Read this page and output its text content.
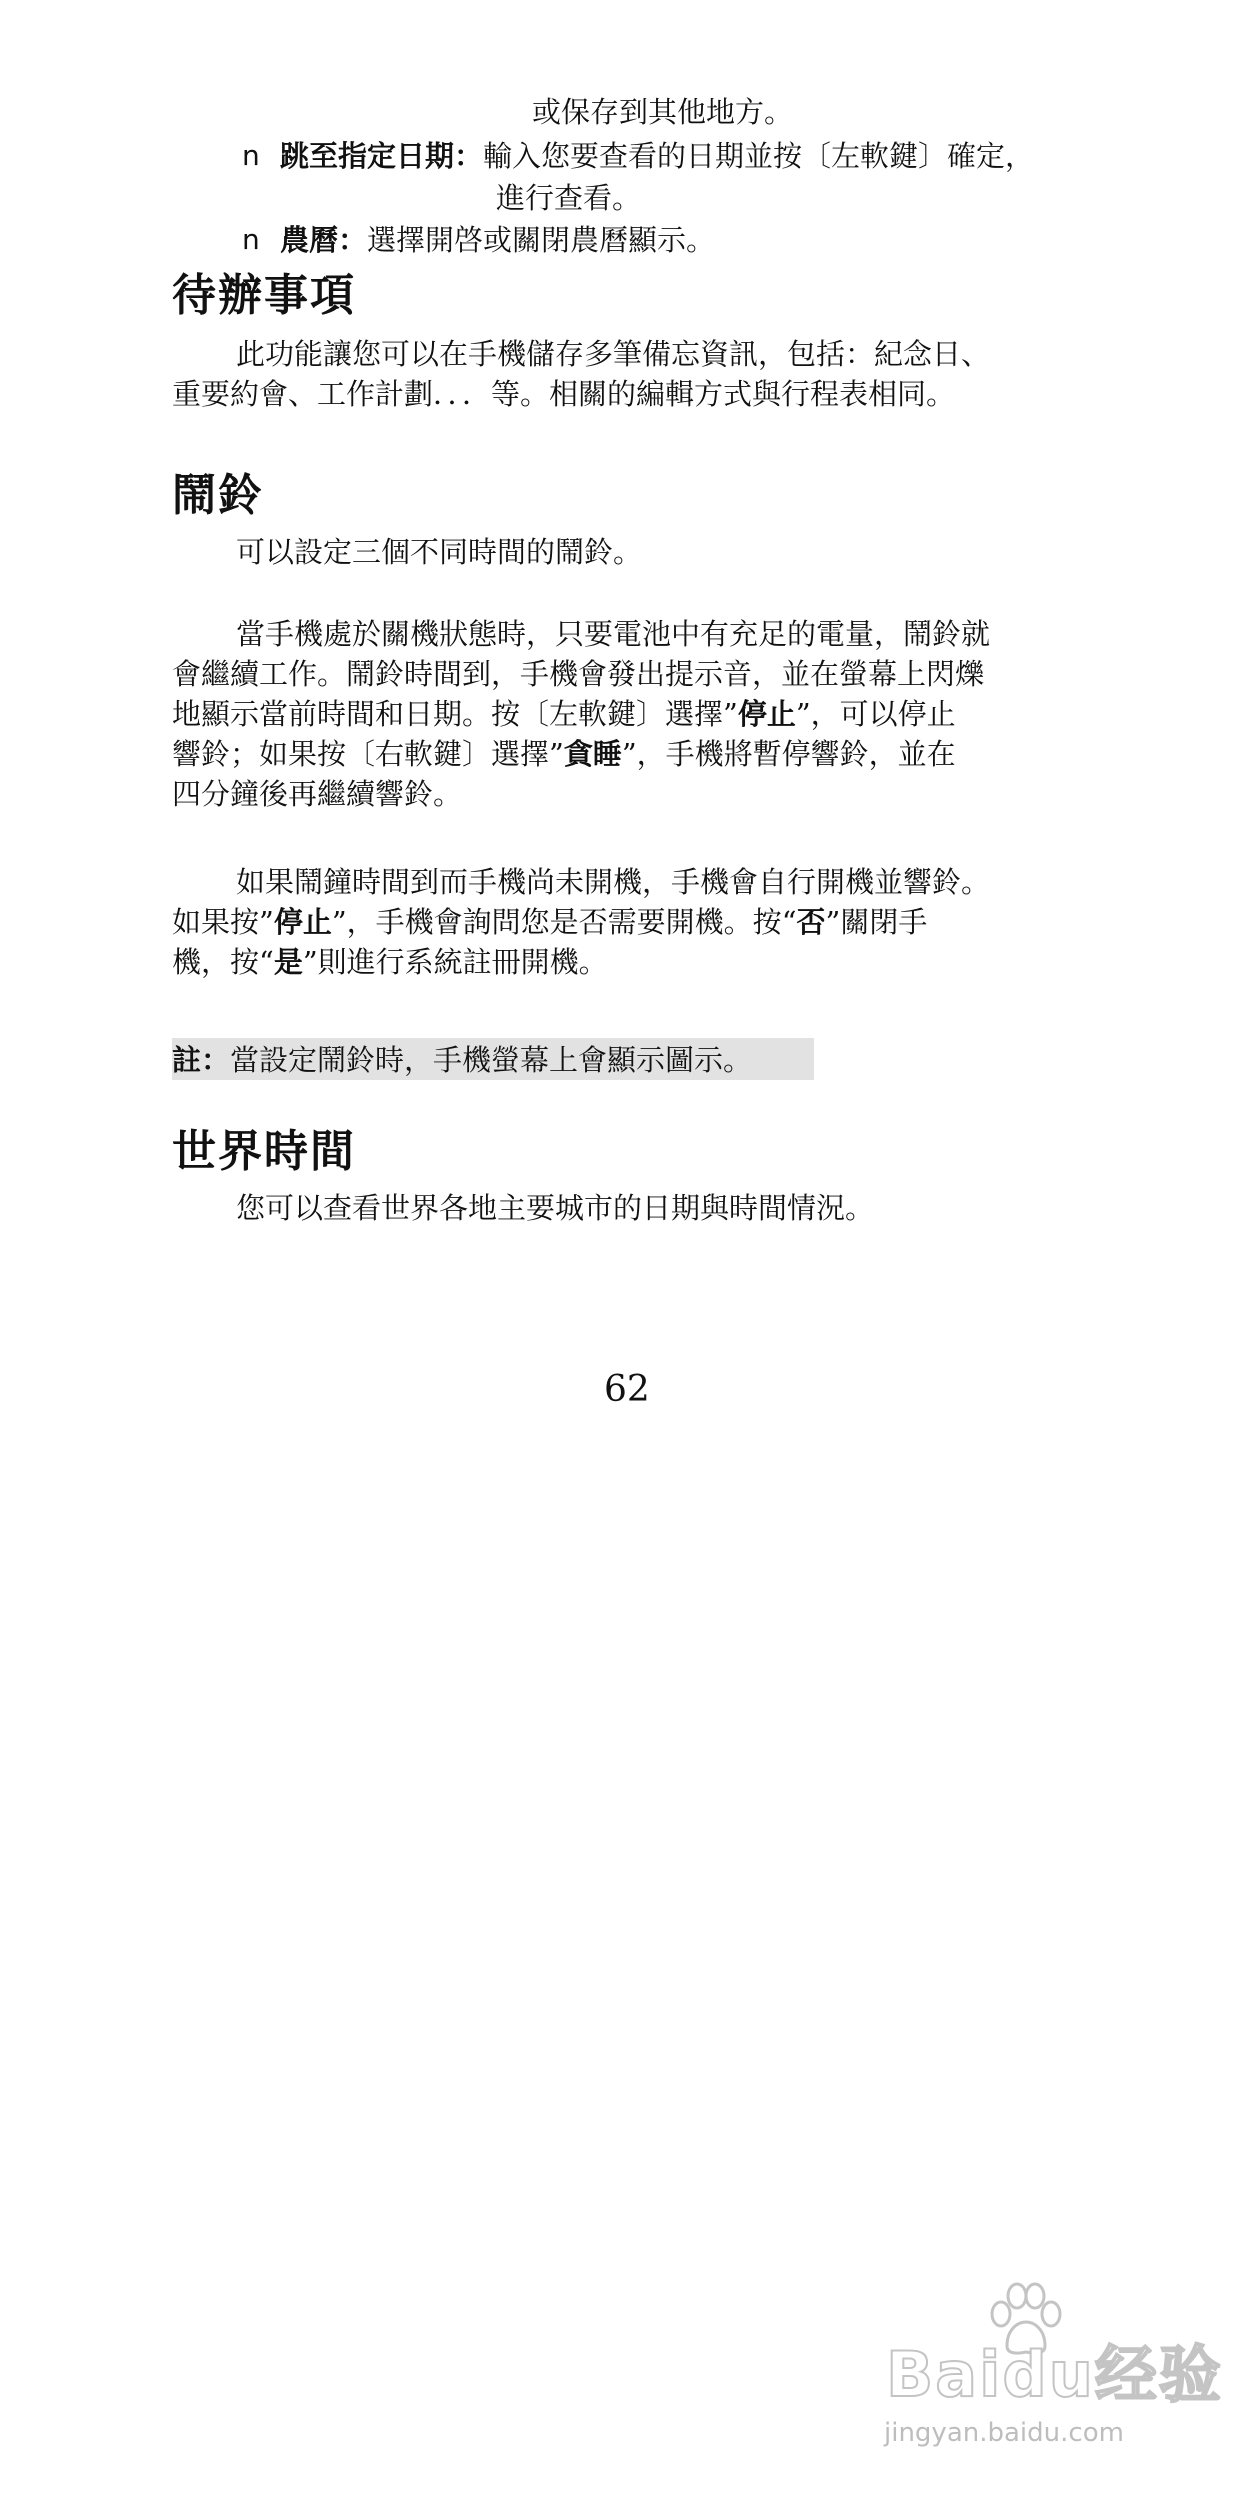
或保存到其他地方。
n 跳至指定日期：輸入您要查看的日期並按〔左軟鍵〕確定，
進行查看。
n 農曆：選擇開啓或關閉農曆顯示。
待辦事項
此功能讓您可以在手機儲存多筆備忘資訊，包括：紀念日、
重要約會、工作計劃．．．等。相關的編輯方式與行程表相同。
鬧鈴
可以設定三個不同時間的鬧鈴。
當手機處於關機狀態時，只要電池中有充足的電量，鬧鈴就
會繼續工作。鬧鈴時間到，手機會發出提示音，並在螢幕上閃爍
地顯示當前時間和日期。按〔左軟鍵〕選擇”停止”，可以停止
響鈴；如果按〔右軟鍵〕選擇”貪睡”，手機將暫停響鈴，並在
四分鐘後再繼續響鈴。
如果鬧鐘時間到而手機尚未開機，手機會自行開機並響鈴。
如果按”停止”，手機會詢問您是否需要開機。按“否”關閉手
機，按“是”則進行系統註冊開機。
註：當設定鬧鈴時，手機螢幕上會顯示圖示。
世界時間
您可以查看世界各地主要城市的日期與時間情況。
62
Baidu经验
jingyan.baidu.com
